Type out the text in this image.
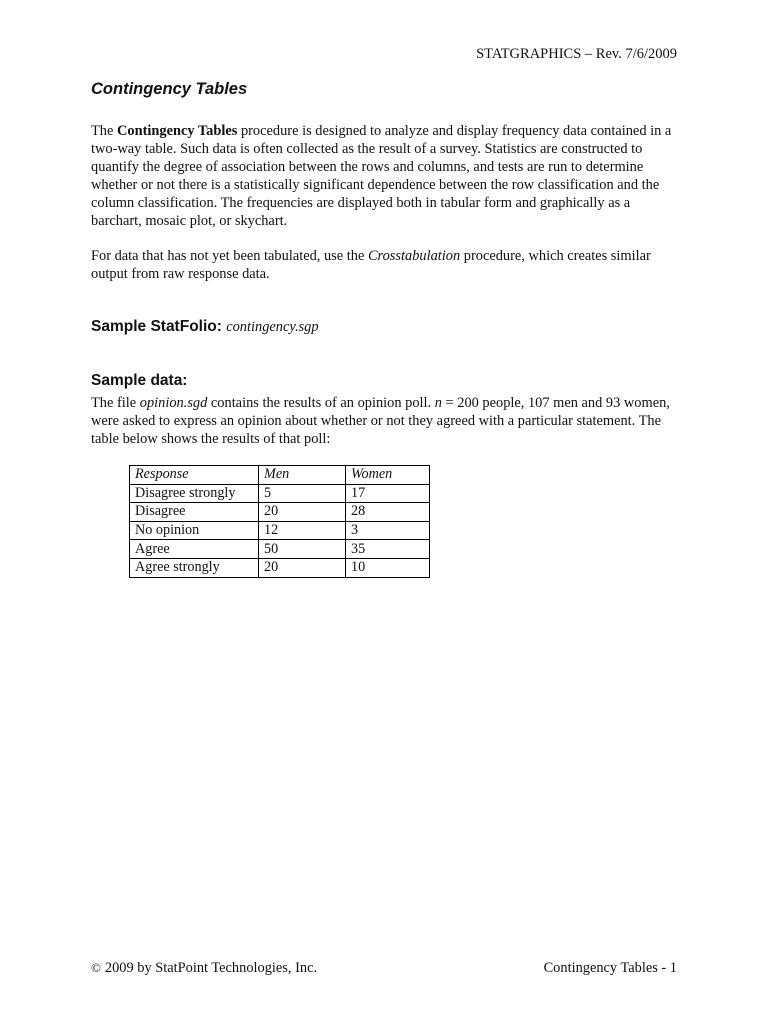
STATGRAPHICS – Rev. 7/6/2009
Contingency Tables
The Contingency Tables procedure is designed to analyze and display frequency data contained in a two-way table. Such data is often collected as the result of a survey. Statistics are constructed to quantify the degree of association between the rows and columns, and tests are run to determine whether or not there is a statistically significant dependence between the row classification and the column classification. The frequencies are displayed both in tabular form and graphically as a barchart, mosaic plot, or skychart.
For data that has not yet been tabulated, use the Crosstabulation procedure, which creates similar output from raw response data.
Sample StatFolio: contingency.sgp
Sample data:
The file opinion.sgd contains the results of an opinion poll. n = 200 people, 107 men and 93 women, were asked to express an opinion about whether or not they agreed with a particular statement. The table below shows the results of that poll:
Response	Men	Women
Disagree strongly	5	17
Disagree	20	28
No opinion	12	3
Agree	50	35
Agree strongly	20	10
© 2009 by StatPoint Technologies, Inc.	Contingency Tables - 1
